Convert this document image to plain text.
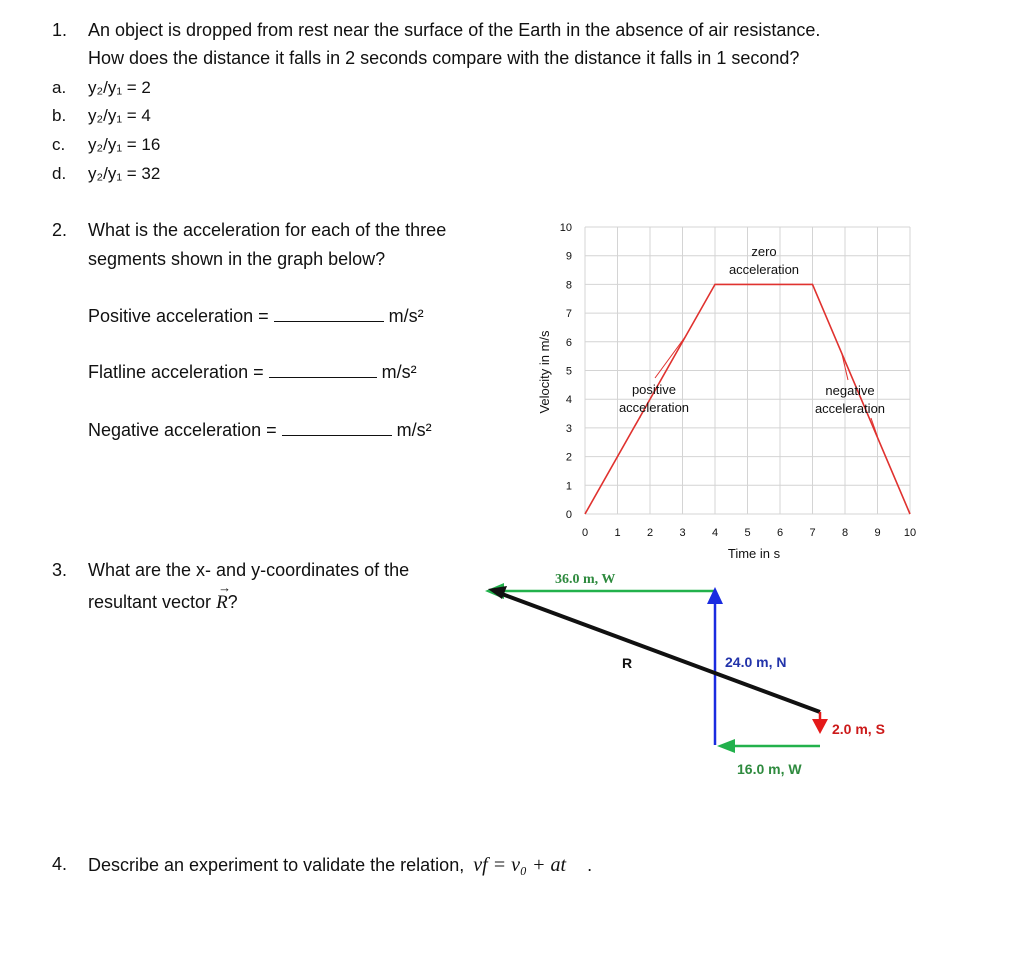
1. An object is dropped from rest near the surface of the Earth in the absence of air resistance.
How does the distance it falls in 2 seconds compare with the distance it falls in 1 second?
a. y₂/y₁ = 2
b. y₂/y₁ = 4
c. y₂/y₁ = 16
d. y₂/y₁ = 32
2. What is the acceleration for each of the three
segments shown in the graph below?
Positive acceleration =	m/s²
Flatline acceleration =	m/s²
Negative acceleration =	m/s²
0
1
2
3
4
5
6
7
8
9
10
0 1 2 3 4 5 6 7 8 9 10
Velocity in m/s
Time in s
zero
acceleration
positive
acceleration
negative
acceleration
3. What are the x- and y-coordinates of the
resultant vector R
→
?
36.0 m, W
24.0 m, N
R
2.0 m, S
16.0 m, W
4. Describe an experiment to validate the relation, vf = v₀ + at .
